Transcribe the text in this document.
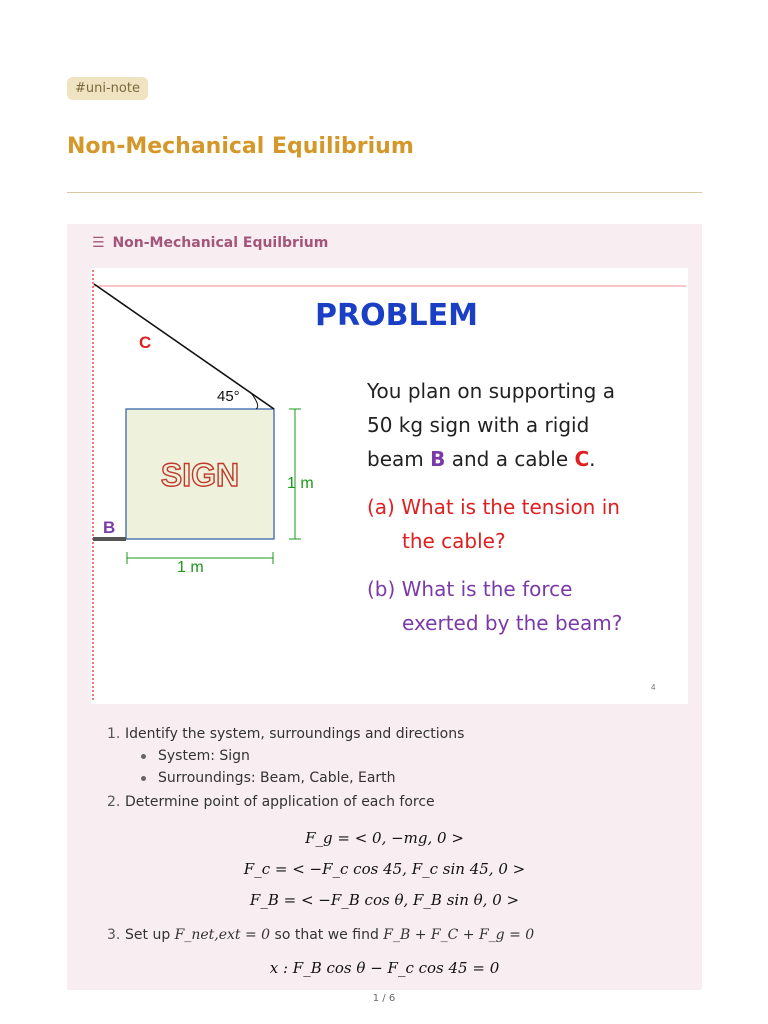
#uni-note
Non-Mechanical Equilibrium
☰ Non-Mechanical Equilbrium
C
B
45°
SIGN	1 m
1 m
4
PROBLEM
You plan on supporting a
50 kg sign with a rigid
beam B and a cable C.
(a) What is the tension in
the cable?
(b) What is the force
exerted by the beam?
1. Identify the system, surroundings and directions
System: Sign
Surroundings: Beam, Cable, Earth
2. Determine point of application of each force
F_g = < 0, −mg, 0 >
F_c = < −F_c cos 45, F_c sin 45, 0 >
F_B = < −F_B cos θ, F_B sin θ, 0 >
3. Set up F_net,ext = 0 so that we find F_B + F_C + F_g = 0
x : F_B cos θ − F_c cos 45 = 0
1 / 6
